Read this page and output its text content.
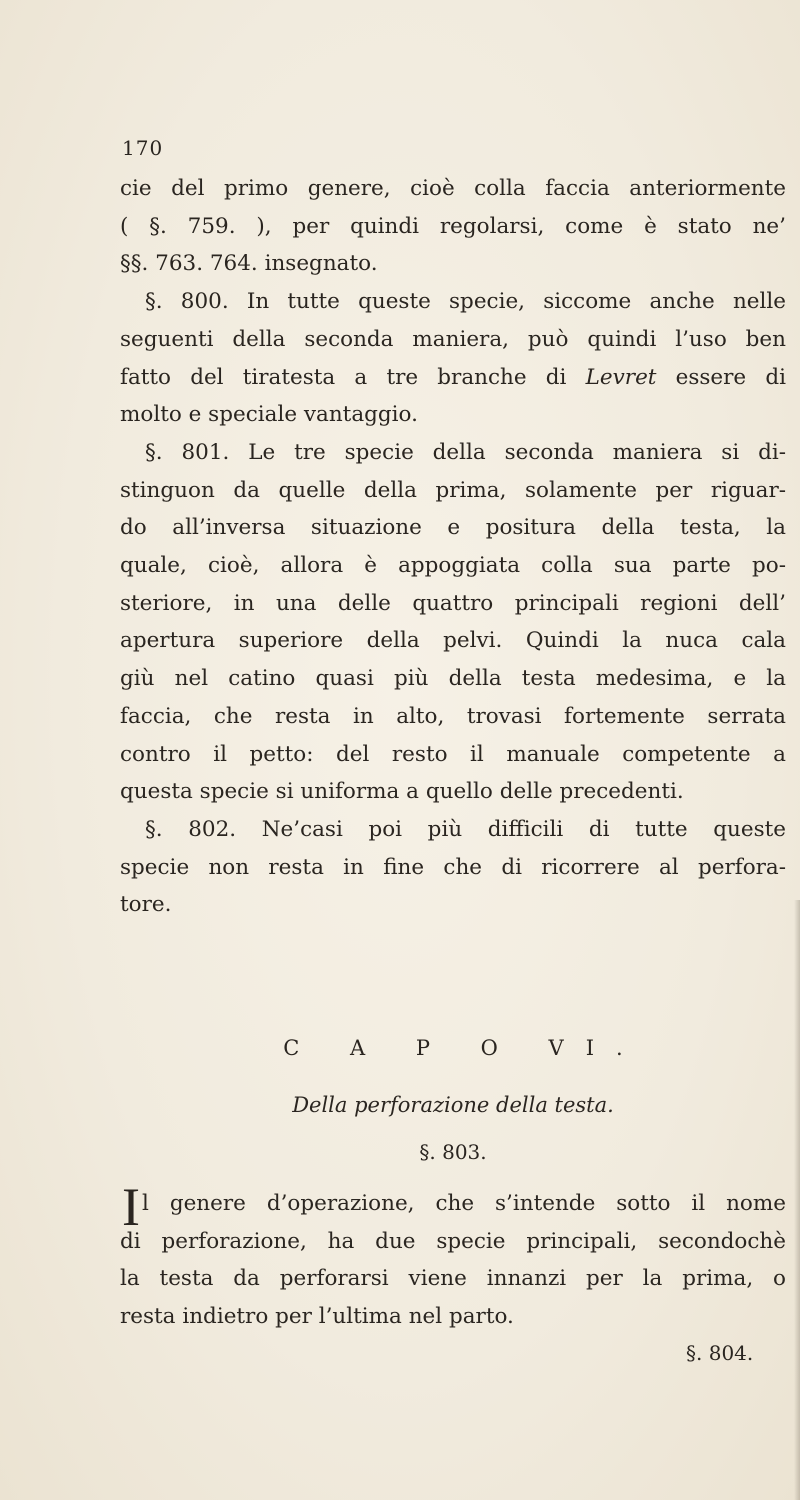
170

cie del primo genere, cioè colla faccia anteriormente
( §. 759. ), per quindi regolarsi, come è stato ne’
§§. 763. 764. insegnato.

§. 800. In tutte queste specie, siccome anche nelle
seguenti della seconda maniera, può quindi l’uso ben
fatto del tiratesta a tre branche di Levret essere di
molto e speciale vantaggio.

§. 801. Le tre specie della seconda maniera si di-
stinguon da quelle della prima, solamente per riguar-
do all’inversa situazione e positura della testa, la
quale, cioè, allora è appoggiata colla sua parte po-
steriore, in una delle quattro principali regioni dell’
apertura superiore della pelvi. Quindi la nuca cala
giù nel catino quasi più della testa medesima, e la
faccia, che resta in alto, trovasi fortemente serrata
contro il petto: del resto il manuale competente a
questa specie si uniforma a quello delle precedenti.

§. 802. Ne’casi poi più difficili di tutte queste
specie non resta in fine che di ricorrere al perfora-
tore.

C A P O VI.
Della perforazione della testa.
§. 803.
I l genere d’operazione, che s’intende sotto il nome
di perforazione, ha due specie principali, secondochè
la testa da perforarsi viene innanzi per la prima, o
resta indietro per l’ultima nel parto.
§. 804.
